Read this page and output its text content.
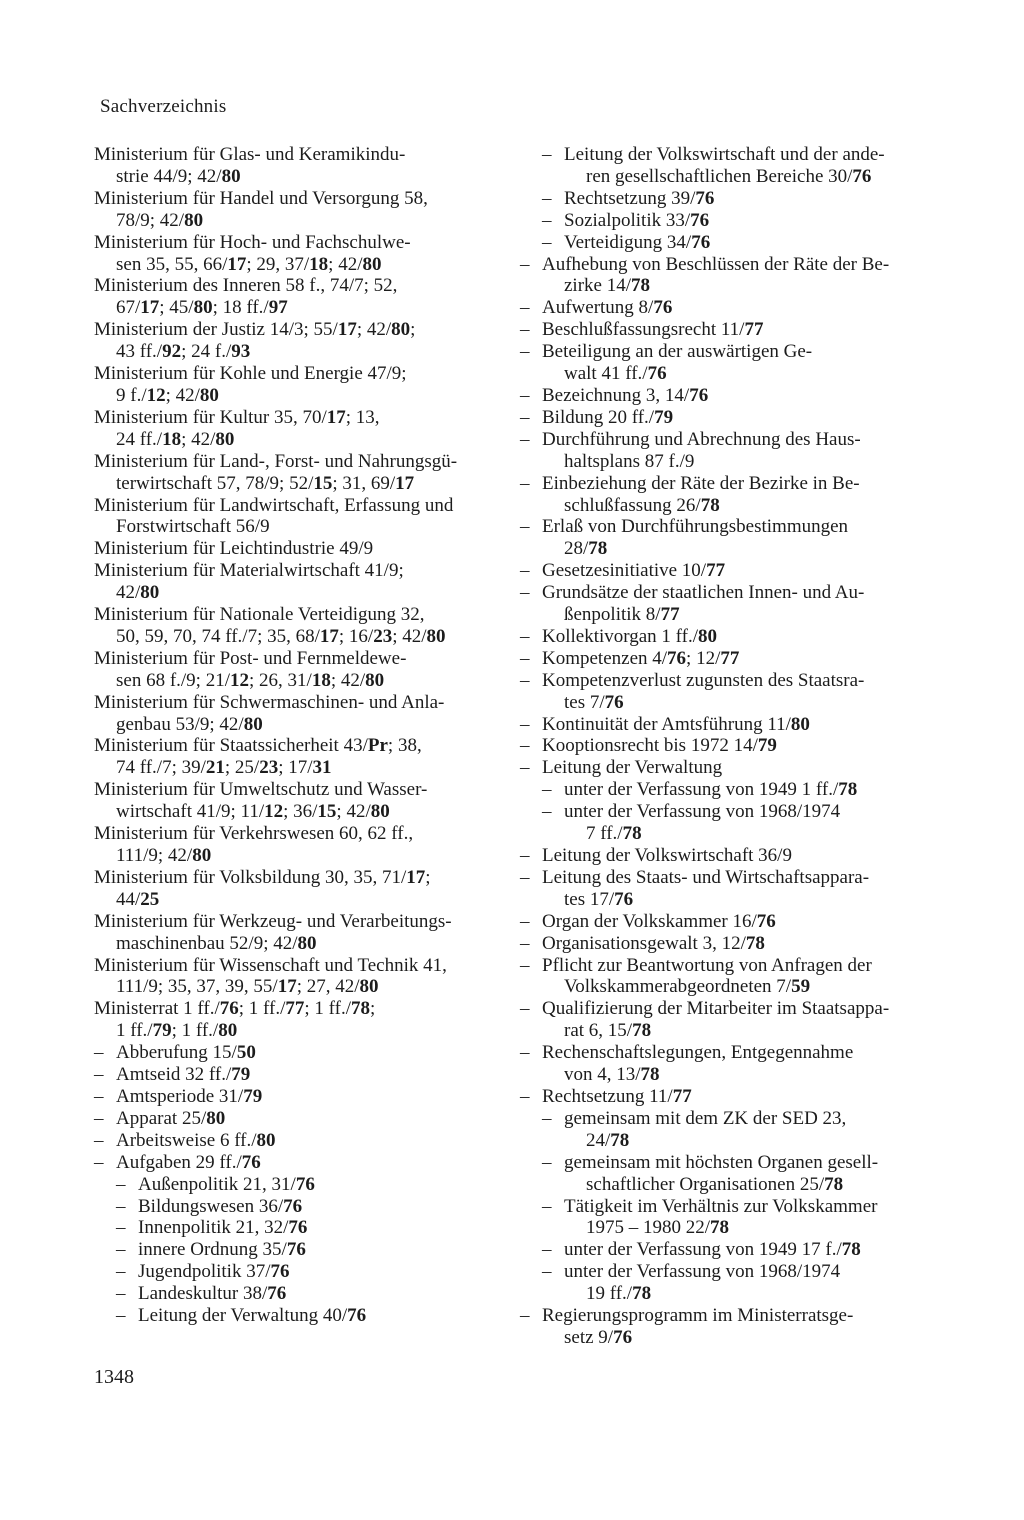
Sachverzeichnis
Ministerium für Glas- und Keramikindu-
strie 44/9; 42/80
Ministerium für Handel und Versorgung 58,
78/9; 42/80
Ministerium für Hoch- und Fachschulwe-
sen 35, 55, 66/17; 29, 37/18; 42/80
Ministerium des Inneren 58 f., 74/7; 52,
67/17; 45/80; 18 ff./97
Ministerium der Justiz 14/3; 55/17; 42/80;
43 ff./92; 24 f./93
Ministerium für Kohle und Energie 47/9;
9 f./12; 42/80
Ministerium für Kultur 35, 70/17; 13,
24 ff./18; 42/80
Ministerium für Land-, Forst- und Nahrungsgü-
terwirtschaft 57, 78/9; 52/15; 31, 69/17
Ministerium für Landwirtschaft, Erfassung und
Forstwirtschaft 56/9
Ministerium für Leichtindustrie 49/9
Ministerium für Materialwirtschaft 41/9;
42/80
Ministerium für Nationale Verteidigung 32,
50, 59, 70, 74 ff./7; 35, 68/17; 16/23; 42/80
Ministerium für Post- und Fernmeldewe-
sen 68 f./9; 21/12; 26, 31/18; 42/80
Ministerium für Schwermaschinen- und Anla-
genbau 53/9; 42/80
Ministerium für Staatssicherheit 43/Pr; 38,
74 ff./7; 39/21; 25/23; 17/31
Ministerium für Umweltschutz und Wasser-
wirtschaft 41/9; 11/12; 36/15; 42/80
Ministerium für Verkehrswesen 60, 62 ff.,
111/9; 42/80
Ministerium für Volksbildung 30, 35, 71/17;
44/25
Ministerium für Werkzeug- und Verarbeitungs-
maschinenbau 52/9; 42/80
Ministerium für Wissenschaft und Technik 41,
111/9; 35, 37, 39, 55/17; 27, 42/80
Ministerrat 1 ff./76; 1 ff./77; 1 ff./78;
1 ff./79; 1 ff./80
– Abberufung 15/50
– Amtseid 32 ff./79
– Amtsperiode 31/79
– Apparat 25/80
– Arbeitsweise 6 ff./80
– Aufgaben 29 ff./76
– Außenpolitik 21, 31/76
– Bildungswesen 36/76
– Innenpolitik 21, 32/76
– innere Ordnung 35/76
– Jugendpolitik 37/76
– Landeskultur 38/76
– Leitung der Verwaltung 40/76
– Leitung der Volkswirtschaft und der ande-
ren gesellschaftlichen Bereiche 30/76
– Rechtsetzung 39/76
– Sozialpolitik 33/76
– Verteidigung 34/76
– Aufhebung von Beschlüssen der Räte der Be-
zirke 14/78
– Aufwertung 8/76
– Beschlußfassungsrecht 11/77
– Beteiligung an der auswärtigen Ge-
walt 41 ff./76
– Bezeichnung 3, 14/76
– Bildung 20 ff./79
– Durchführung und Abrechnung des Haus-
haltsplans 87 f./9
– Einbeziehung der Räte der Bezirke in Be-
schlußfassung 26/78
– Erlaß von Durchführungsbestimmungen
28/78
– Gesetzesinitiative 10/77
– Grundsätze der staatlichen Innen- und Au-
ßenpolitik 8/77
– Kollektivorgan 1 ff./80
– Kompetenzen 4/76; 12/77
– Kompetenzverlust zugunsten des Staatsra-
tes 7/76
– Kontinuität der Amtsführung 11/80
– Kooptionsrecht bis 1972 14/79
– Leitung der Verwaltung
– unter der Verfassung von 1949 1 ff./78
– unter der Verfassung von 1968/1974
7 ff./78
– Leitung der Volkswirtschaft 36/9
– Leitung des Staats- und Wirtschaftsappara-
tes 17/76
– Organ der Volkskammer 16/76
– Organisationsgewalt 3, 12/78
– Pflicht zur Beantwortung von Anfragen der
Volkskammerabgeordneten 7/59
– Qualifizierung der Mitarbeiter im Staatsappa-
rat 6, 15/78
– Rechenschaftslegungen, Entgegennahme
von 4, 13/78
– Rechtsetzung 11/77
– gemeinsam mit dem ZK der SED 23,
24/78
– gemeinsam mit höchsten Organen gesell-
schaftlicher Organisationen 25/78
– Tätigkeit im Verhältnis zur Volkskammer
1975 – 1980 22/78
– unter der Verfassung von 1949 17 f./78
– unter der Verfassung von 1968/1974
19 ff./78
– Regierungsprogramm im Ministerratsge-
setz 9/76
1348
